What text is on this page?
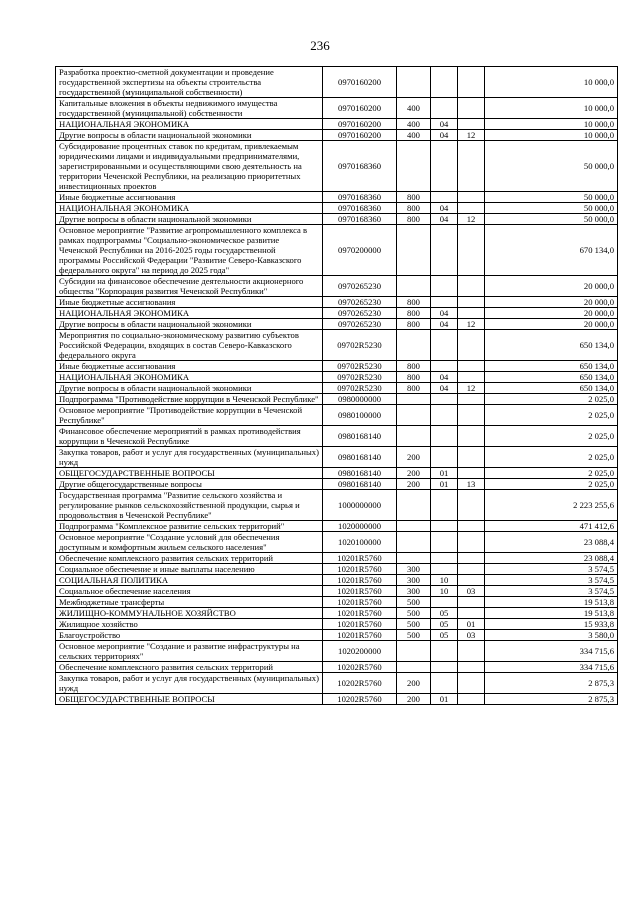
236
Разработка проектно-сметной документации и проведение государственной экспертизы на объекты строительства государственной (муниципальной собственности)	0970160200				10 000,0
Капитальные вложения в объекты недвижимого имущества государственной (муниципальной) собственности	0970160200	400			10 000,0
НАЦИОНАЛЬНАЯ ЭКОНОМИКА	0970160200	400	04		10 000,0
Другие вопросы в области национальной экономики	0970160200	400	04	12	10 000,0
Субсидирование процентных ставок по кредитам, привлекаемым юридическими лицами и индивидуальными предпринимателями, зарегистрированными и осуществляющими свою деятельность на территории Чеченской Республики, на реализацию приоритетных инвестиционных проектов	0970168360				50 000,0
Иные бюджетные ассигнования	0970168360	800			50 000,0
НАЦИОНАЛЬНАЯ ЭКОНОМИКА	0970168360	800	04		50 000,0
Другие вопросы в области национальной экономики	0970168360	800	04	12	50 000,0
Основное мероприятие "Развитие агропромышленного комплекса в рамках подпрограммы "Социально-экономическое развитие Чеченской Республики на 2016-2025 годы государственной программы Российской Федерации "Развитие Северо-Кавказского федерального округа" на период до 2025 года"	0970200000				670 134,0
Субсидии на финансовое обеспечение деятельности акционерного общества "Корпорация развития Чеченской Республики"	0970265230				20 000,0
Иные бюджетные ассигнования	0970265230	800			20 000,0
НАЦИОНАЛЬНАЯ ЭКОНОМИКА	0970265230	800	04		20 000,0
Другие вопросы в области национальной экономики	0970265230	800	04	12	20 000,0
Мероприятия по социально-экономическому развитию субъектов Российской Федерации, входящих в состав Северо-Кавказского федерального округа	09702R5230				650 134,0
Иные бюджетные ассигнования	09702R5230	800			650 134,0
НАЦИОНАЛЬНАЯ ЭКОНОМИКА	09702R5230	800	04		650 134,0
Другие вопросы в области национальной экономики	09702R5230	800	04	12	650 134,0
Подпрограмма "Противодействие коррупции в Чеченской Республике"	0980000000				2 025,0
Основное мероприятие "Противодействие коррупции в Чеченской Республике"	0980100000				2 025,0
Финансовое обеспечение мероприятий в рамках противодействия коррупции в Чеченской Республике	0980168140				2 025,0
Закупка товаров, работ и услуг для государственных (муниципальных) нужд	0980168140	200			2 025,0
ОБЩЕГОСУДАРСТВЕННЫЕ ВОПРОСЫ	0980168140	200	01		2 025,0
Другие общегосударственные вопросы	0980168140	200	01	13	2 025,0
Государственная программа "Развитие сельского хозяйства и регулирование рынков сельскохозяйственной продукции, сырья и продовольствия в Чеченской Республике"	1000000000				2 223 255,6
Подпрограмма "Комплексное развитие сельских территорий"	1020000000				471 412,6
Основное мероприятие "Создание условий для обеспечения доступным и комфортным жильем сельского населения"	1020100000				23 088,4
Обеспечение комплексного развития сельских территорий	10201R5760				23 088,4
Социальное обеспечение и иные выплаты населению	10201R5760	300			3 574,5
СОЦИАЛЬНАЯ ПОЛИТИКА	10201R5760	300	10		3 574,5
Социальное обеспечение населения	10201R5760	300	10	03	3 574,5
Межбюджетные трансферты	10201R5760	500			19 513,8
ЖИЛИЩНО-КОММУНАЛЬНОЕ ХОЗЯЙСТВО	10201R5760	500	05		19 513,8
Жилищное хозяйство	10201R5760	500	05	01	15 933,8
Благоустройство	10201R5760	500	05	03	3 580,0
Основное мероприятие "Создание и развитие инфраструктуры на сельских территориях"	1020200000				334 715,6
Обеспечение комплексного развития сельских территорий	10202R5760				334 715,6
Закупка товаров, работ и услуг для государственных (муниципальных) нужд	10202R5760	200			2 875,3
ОБЩЕГОСУДАРСТВЕННЫЕ ВОПРОСЫ	10202R5760	200	01		2 875,3
